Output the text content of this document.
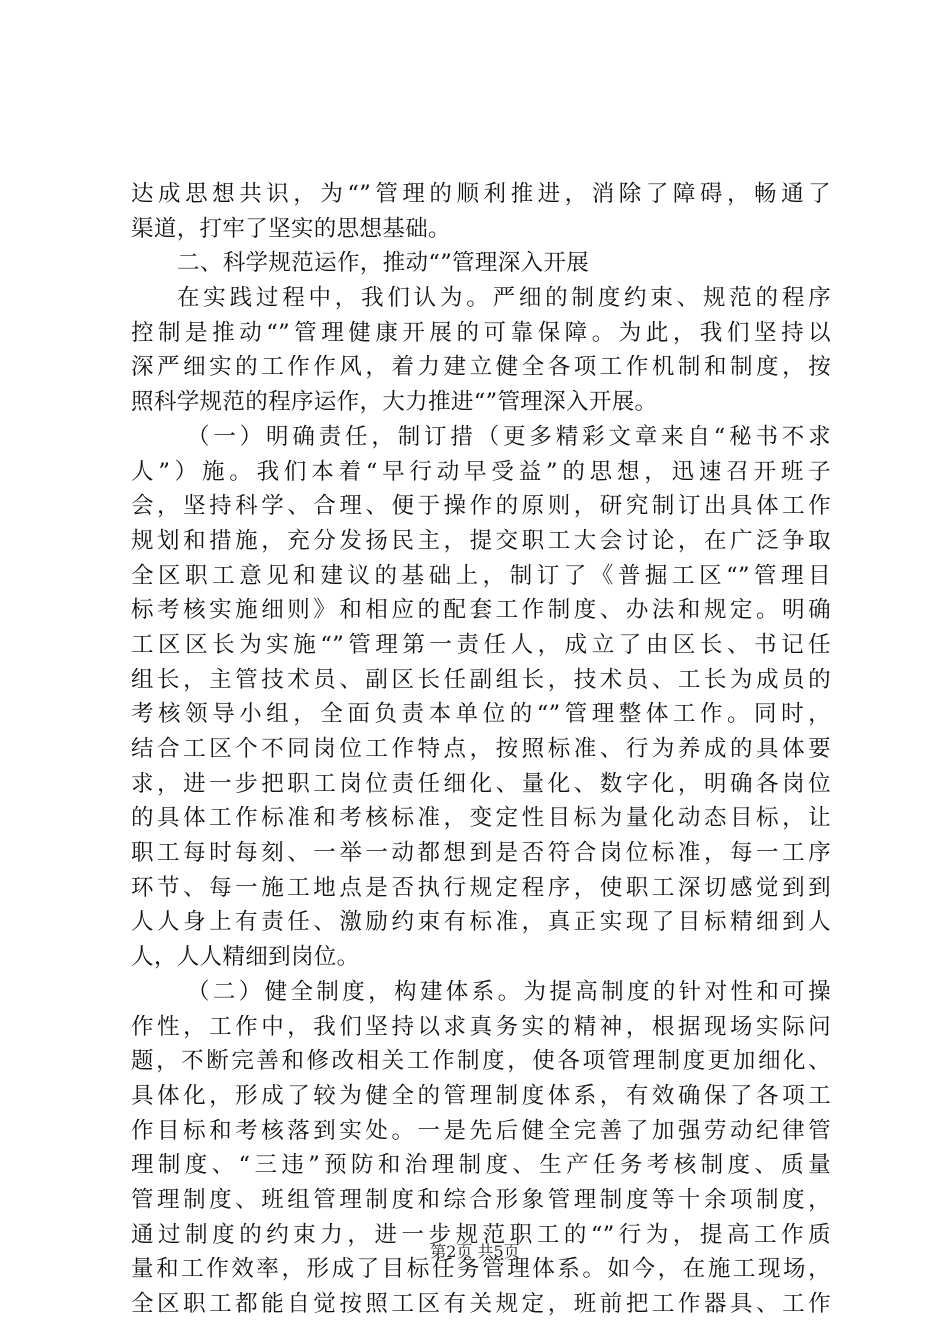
达成思想共识，为“”管理的顺利推进，消除了障碍，畅通了
渠道，打牢了坚实的思想基础。
二、科学规范运作，推动“”管理深入开展
在实践过程中，我们认为。严细的制度约束、规范的程序
控制是推动“”管理健康开展的可靠保障。为此，我们坚持以
深严细实的工作作风，着力建立健全各项工作机制和制度，按
照科学规范的程序运作，大力推进“”管理深入开展。
（一）明确责任，制订措（更多精彩文章来自“秘书不求
人”）施。我们本着“早行动早受益”的思想，迅速召开班子
会，坚持科学、合理、便于操作的原则，研究制订出具体工作
规划和措施，充分发扬民主，提交职工大会讨论，在广泛争取
全区职工意见和建议的基础上，制订了《普掘工区“”管理目
标考核实施细则》和相应的配套工作制度、办法和规定。明确
工区区长为实施“”管理第一责任人，成立了由区长、书记任
组长，主管技术员、副区长任副组长，技术员、工长为成员的
考核领导小组，全面负责本单位的“”管理整体工作。同时，
结合工区个不同岗位工作特点，按照标准、行为养成的具体要
求，进一步把职工岗位责任细化、量化、数字化，明确各岗位
的具体工作标准和考核标准，变定性目标为量化动态目标，让
职工每时每刻、一举一动都想到是否符合岗位标准，每一工序
环节、每一施工地点是否执行规定程序，使职工深切感觉到到
人人身上有责任、激励约束有标准，真正实现了目标精细到人
人，人人精细到岗位。
（二）健全制度，构建体系。为提高制度的针对性和可操
作性，工作中，我们坚持以求真务实的精神，根据现场实际问
题，不断完善和修改相关工作制度，使各项管理制度更加细化、
具体化，形成了较为健全的管理制度体系，有效确保了各项工
作目标和考核落到实处。一是先后健全完善了加强劳动纪律管
理制度、“三违”预防和治理制度、生产任务考核制度、质量
管理制度、班组管理制度和综合形象管理制度等十余项制度，
通过制度的约束力，进一步规范职工的“”行为，提高工作质
量和工作效率，形成了目标任务管理体系。如今，在施工现场，
全区职工都能自觉按照工区有关规定，班前把工作器具、工作
第2页 共5页
